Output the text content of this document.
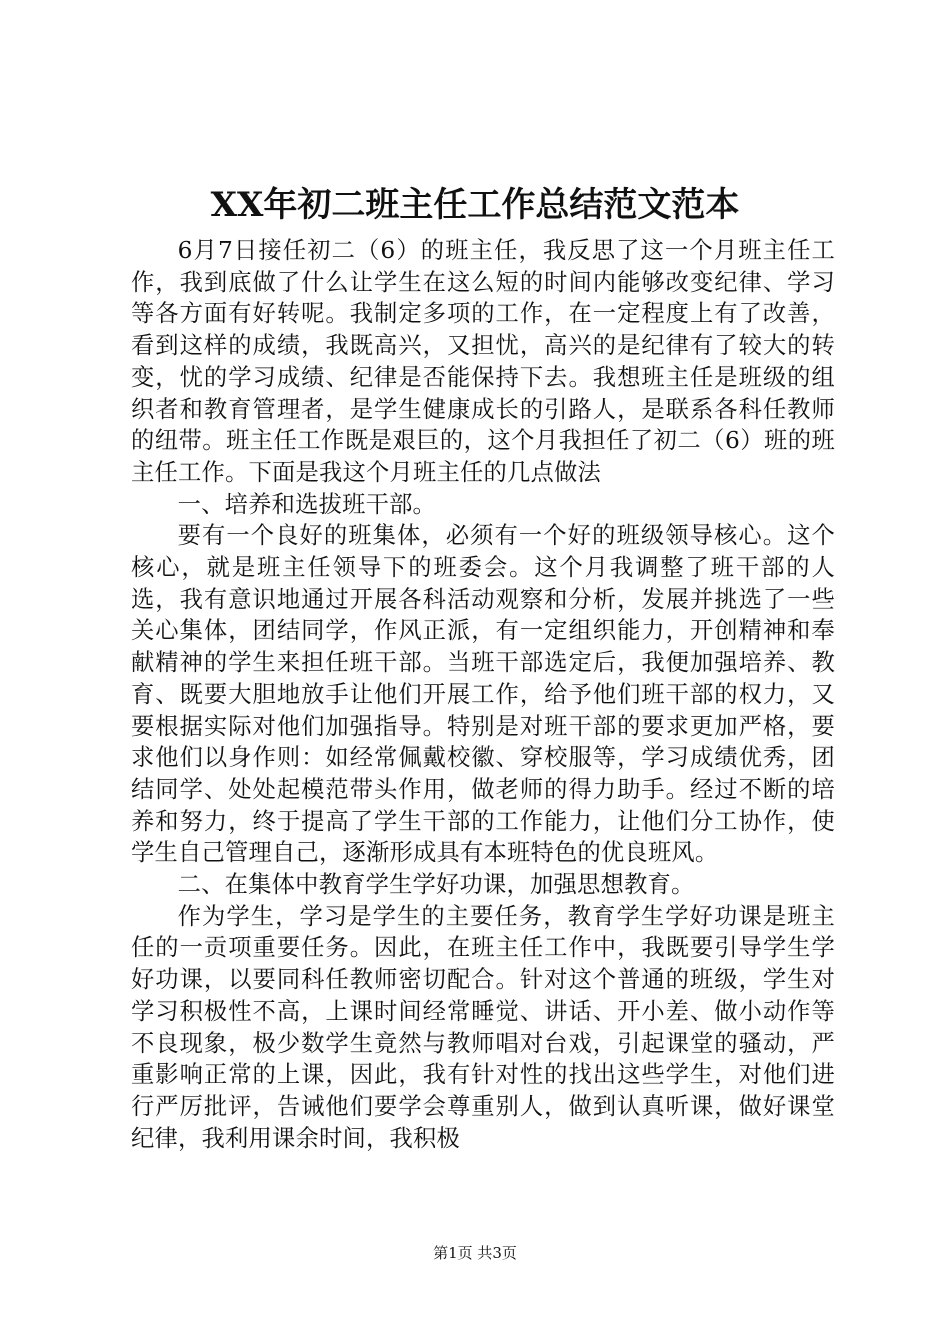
XX年初二班主任工作总结范文范本

6月7日接任初二（6）的班主任，我反思了这一个月班主任工作，我到底做了什么让学生在这么短的时间内能够改变纪律、学习等各方面有好转呢。我制定多项的工作，在一定程度上有了改善，看到这样的成绩，我既高兴，又担忧，高兴的是纪律有了较大的转变，忧的学习成绩、纪律是否能保持下去。我想班主任是班级的组织者和教育管理者，是学生健康成长的引路人，是联系各科任教师的纽带。班主任工作既是艰巨的，这个月我担任了初二（6）班的班主任工作。下面是我这个月班主任的几点做法

一、培养和选拔班干部。

要有一个良好的班集体，必须有一个好的班级领导核心。这个核心，就是班主任领导下的班委会。这个月我调整了班干部的人选，我有意识地通过开展各科活动观察和分析，发展并挑选了一些关心集体，团结同学，作风正派，有一定组织能力，开创精神和奉献精神的学生来担任班干部。当班干部选定后，我便加强培养、教育、既要大胆地放手让他们开展工作，给予他们班干部的权力，又要根据实际对他们加强指导。特别是对班干部的要求更加严格，要求他们以身作则：如经常佩戴校徽、穿校服等，学习成绩优秀，团结同学、处处起模范带头作用，做老师的得力助手。经过不断的培养和努力，终于提高了学生干部的工作能力，让他们分工协作，使学生自己管理自己，逐渐形成具有本班特色的优良班风。

二、在集体中教育学生学好功课，加强思想教育。

作为学生，学习是学生的主要任务，教育学生学好功课是班主任的一贡项重要任务。因此，在班主任工作中，我既要引导学生学好功课，以要同科任教师密切配合。针对这个普通的班级，学生对学习积极性不高，上课时间经常睡觉、讲话、开小差、做小动作等不良现象，极少数学生竟然与教师唱对台戏，引起课堂的骚动，严重影响正常的上课，因此，我有针对性的找出这些学生，对他们进行严厉批评，告诫他们要学会尊重别人，做到认真听课，做好课堂纪律，我利用课余时间，我积极

第1页 共3页
